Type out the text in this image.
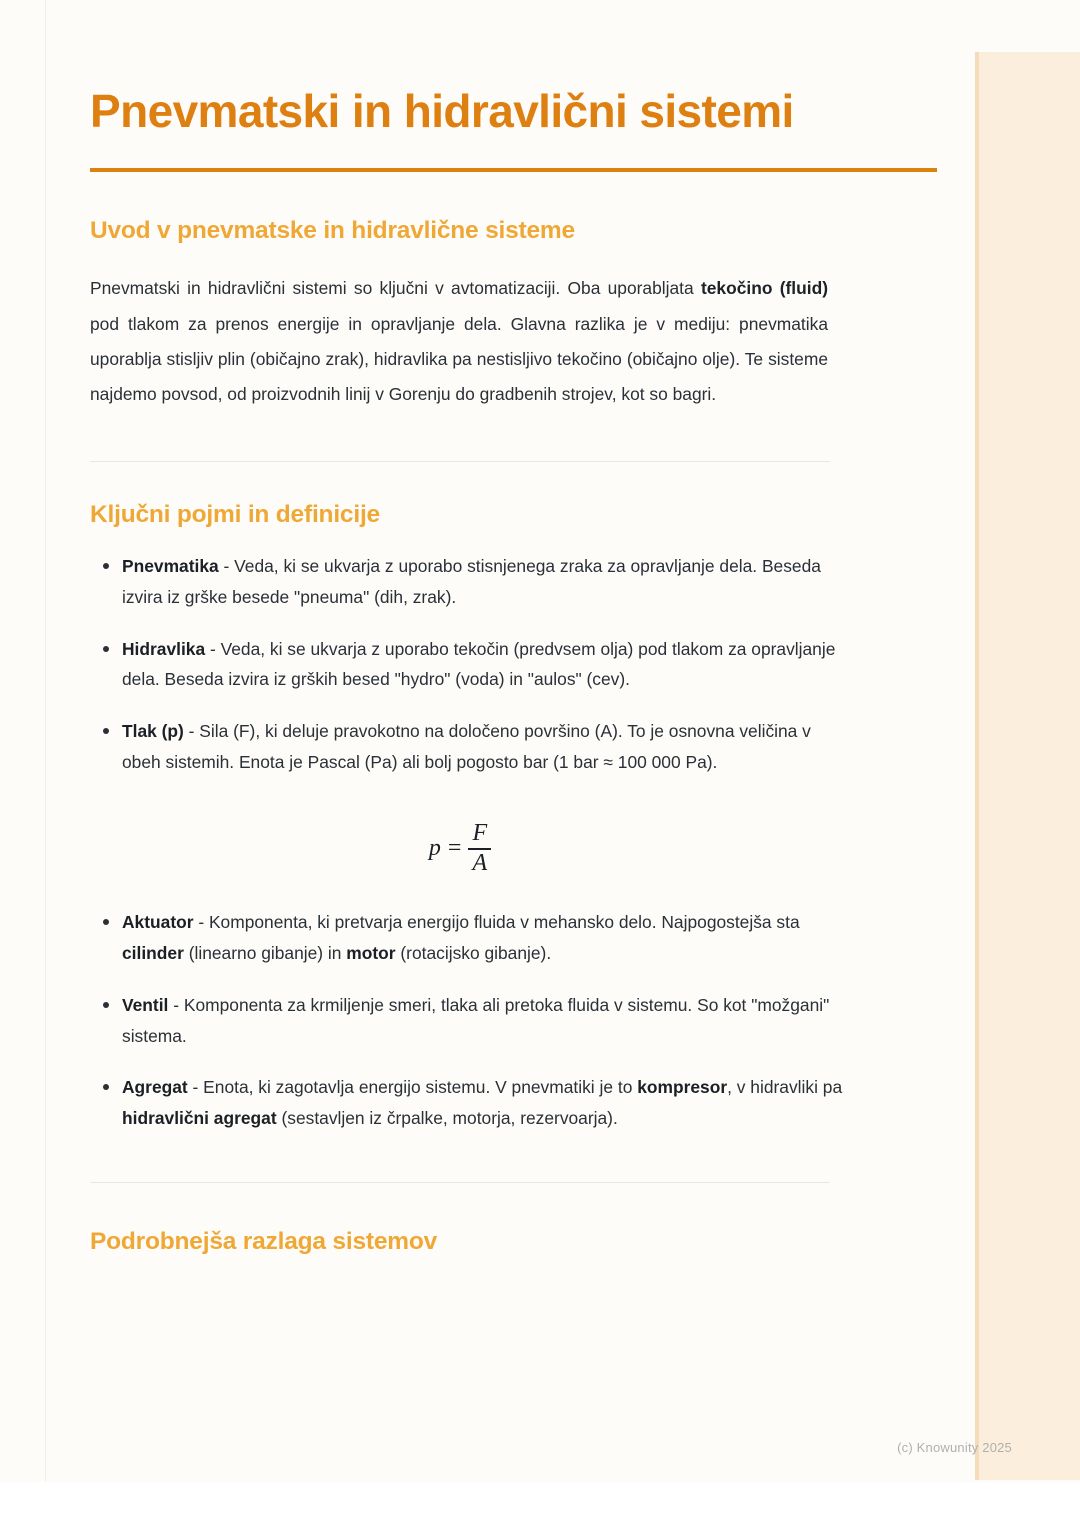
Pnevmatski in hidravlični sistemi
Uvod v pnevmatske in hidravlične sisteme

Pnevmatski in hidravlični sistemi so ključni v avtomatizaciji. Oba uporabljata tekočino (fluid) pod tlakom za prenos energije in opravljanje dela. Glavna razlika je v mediju: pnevmatika uporablja stisljiv plin (običajno zrak), hidravlika pa nestisljivo tekočino (običajno olje). Te sisteme najdemo povsod, od proizvodnih linij v Gorenju do gradbenih strojev, kot so bagri.

Ključni pojmi in definicije
Pnevmatika - Veda, ki se ukvarja z uporabo stisnjenega zraka za opravljanje dela. Beseda izvira iz grške besede "pneuma" (dih, zrak).
Hidravlika - Veda, ki se ukvarja z uporabo tekočin (predvsem olja) pod tlakom za opravljanje dela. Beseda izvira iz grških besed "hydro" (voda) in "aulos" (cev).
Tlak (p) - Sila (F), ki deluje pravokotno na določeno površino (A). To je osnovna veličina v obeh sistemih. Enota je Pascal (Pa) ali bolj pogosto bar (1 bar ≈ 100 000 Pa).
$p = \frac{F}{A}$
Aktuator - Komponenta, ki pretvarja energijo fluida v mehansko delo. Najpogostejša sta cilinder (linearno gibanje) in motor (rotacijsko gibanje).
Ventil - Komponenta za krmiljenje smeri, tlaka ali pretoka fluida v sistemu. So kot "možgani" sistema.
Agregat - Enota, ki zagotavlja energijo sistemu. V pnevmatiki je to kompresor, v hidravliki pa hidravlični agregat (sestavljen iz črpalke, motorja, rezervoarja).
Podrobnejša razlaga sistemov
(c) Knowunity 2025
